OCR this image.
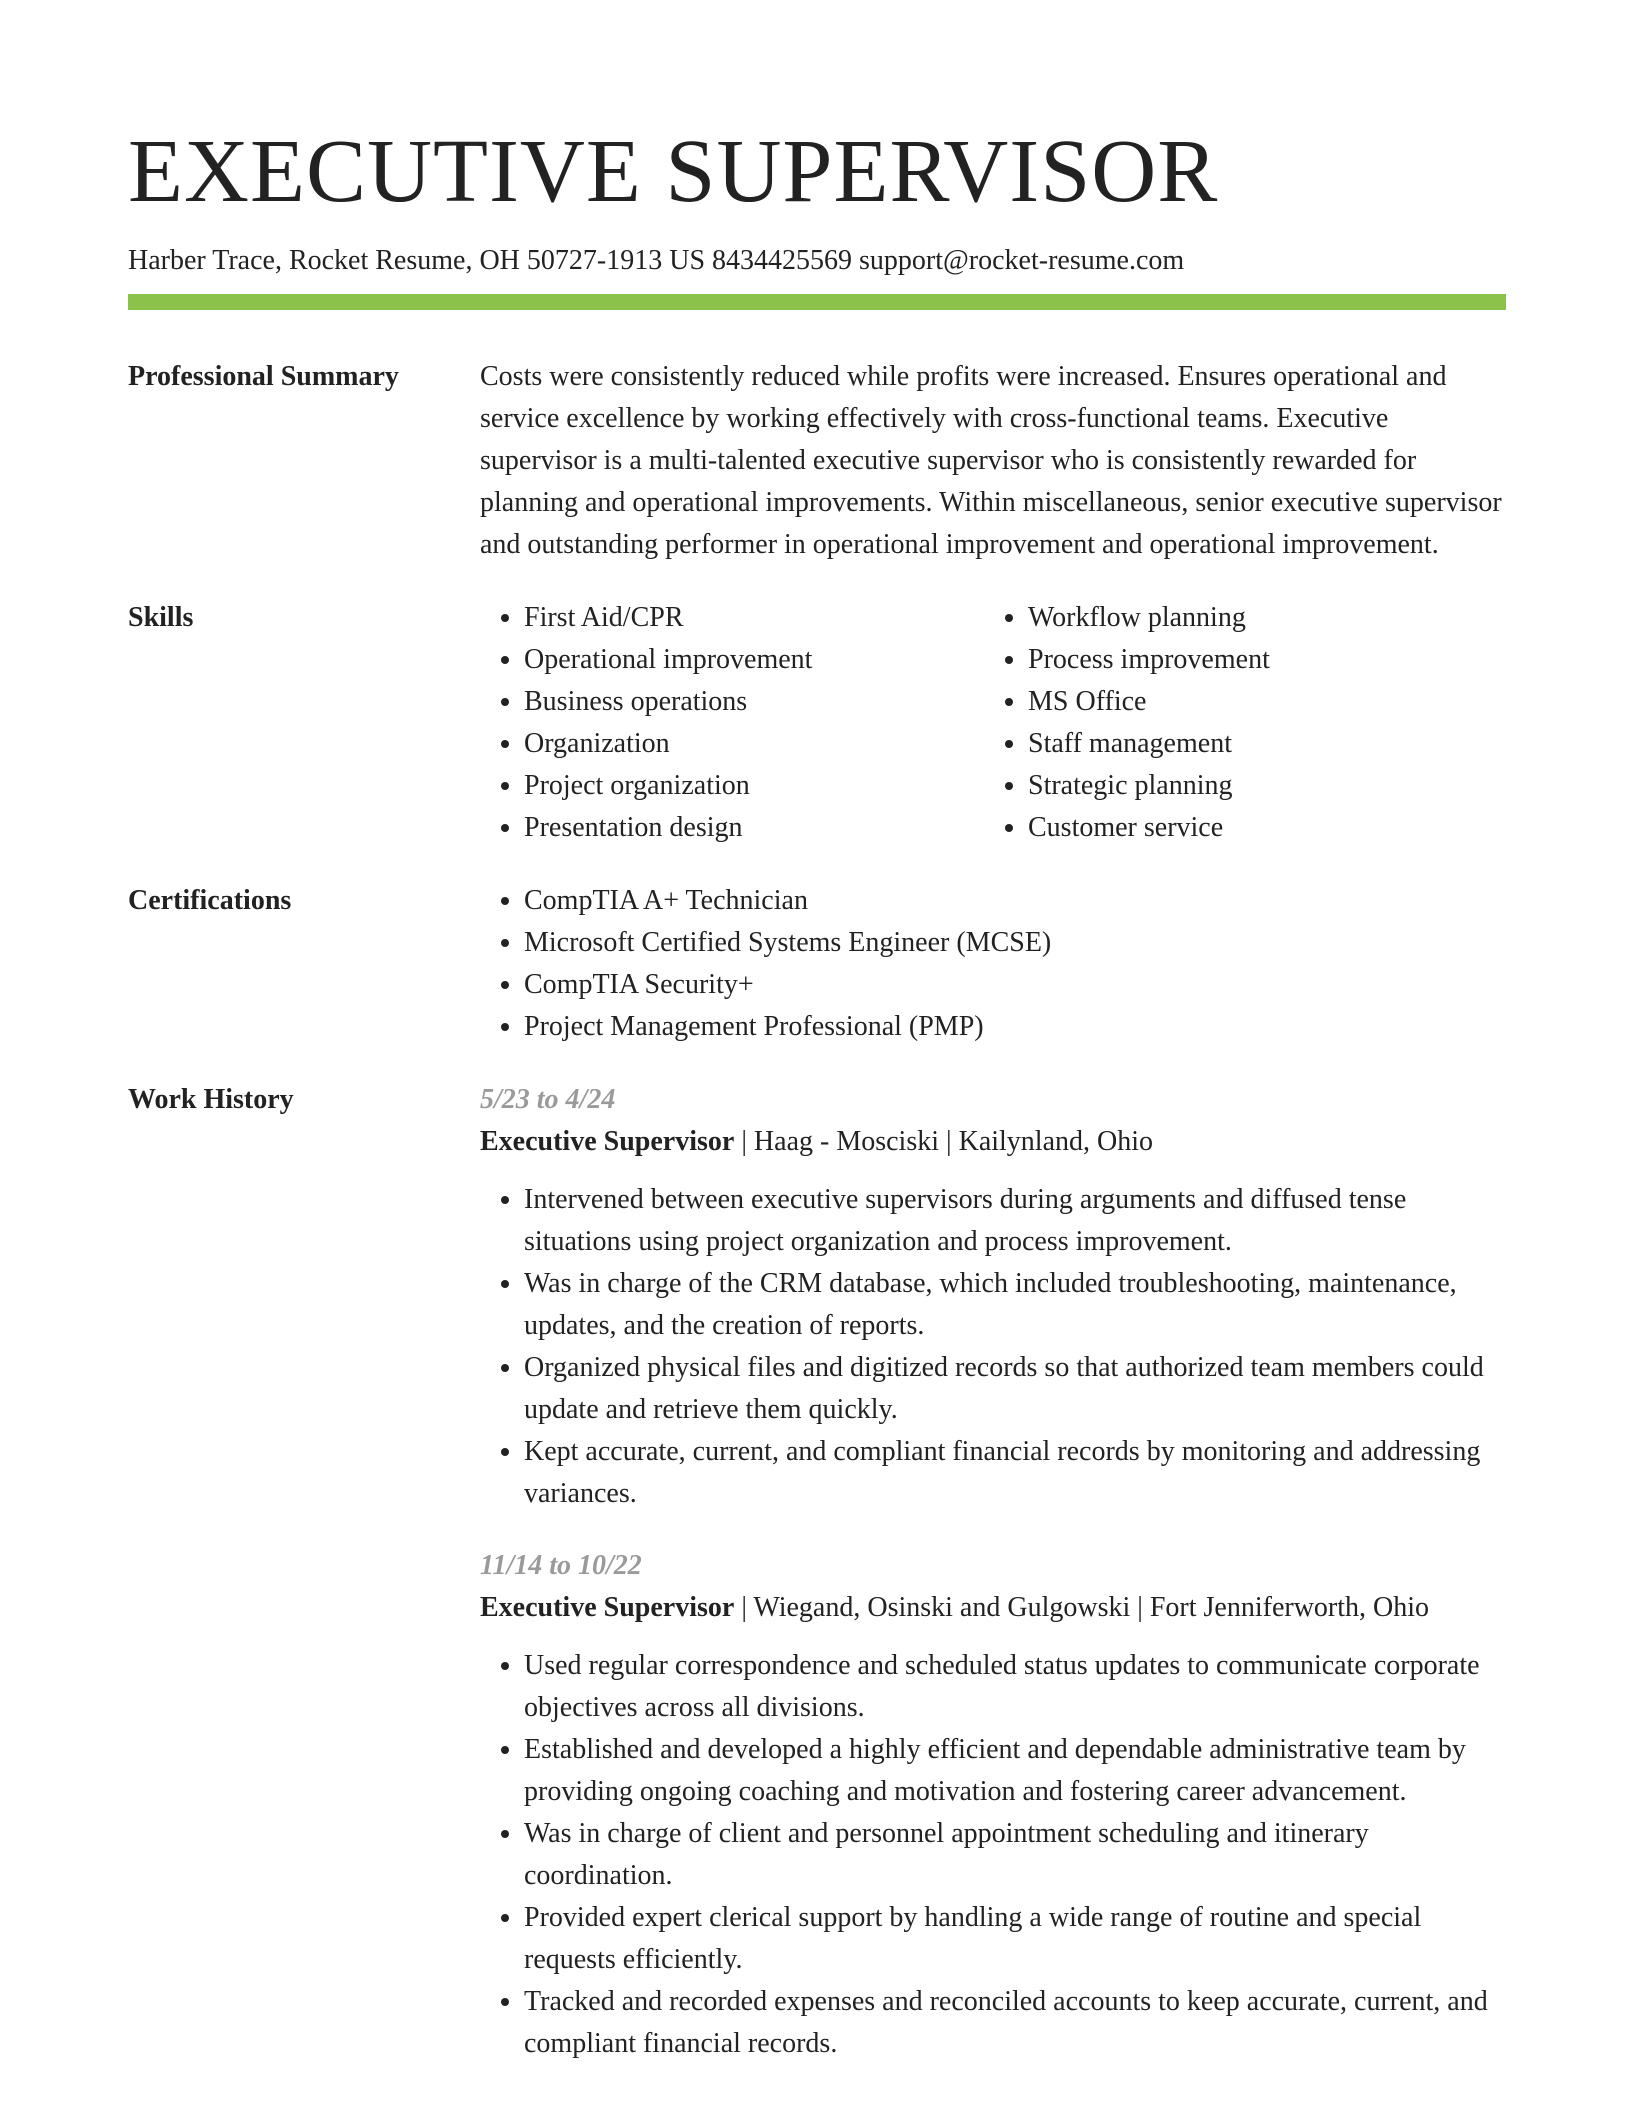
EXECUTIVE SUPERVISOR
Harber Trace, Rocket Resume, OH 50727-1913 US 8434425569 support@rocket-resume.com
Professional Summary	Costs were consistently reduced while profits were increased. Ensures operational and service excellence by working effectively with cross-functional teams. Executive supervisor is a multi-talented executive supervisor who is consistently rewarded for planning and operational improvements. Within miscellaneous, senior executive supervisor and outstanding performer in operational improvement and operational improvement.

Skills	• First Aid/CPR
• Operational improvement
• Business operations
• Organization
• Project organization
• Presentation design
• Workflow planning
• Process improvement
• MS Office
• Staff management
• Strategic planning
• Customer service
Certifications	• CompTIA A+ Technician
• Microsoft Certified Systems Engineer (MCSE)
• CompTIA Security+
• Project Management Professional (PMP)
Work History	5/23 to 4/24
Executive Supervisor | Haag - Mosciski | Kailynland, Ohio
• Intervened between executive supervisors during arguments and diffused tense situations using project organization and process improvement.
• Was in charge of the CRM database, which included troubleshooting, maintenance, updates, and the creation of reports.
• Organized physical files and digitized records so that authorized team members could update and retrieve them quickly.
• Kept accurate, current, and compliant financial records by monitoring and addressing variances.
11/14 to 10/22
Executive Supervisor | Wiegand, Osinski and Gulgowski | Fort Jenniferworth, Ohio
• Used regular correspondence and scheduled status updates to communicate corporate objectives across all divisions.
• Established and developed a highly efficient and dependable administrative team by providing ongoing coaching and motivation and fostering career advancement.
• Was in charge of client and personnel appointment scheduling and itinerary coordination.
• Provided expert clerical support by handling a wide range of routine and special requests efficiently.
• Tracked and recorded expenses and reconciled accounts to keep accurate, current, and compliant financial records.
